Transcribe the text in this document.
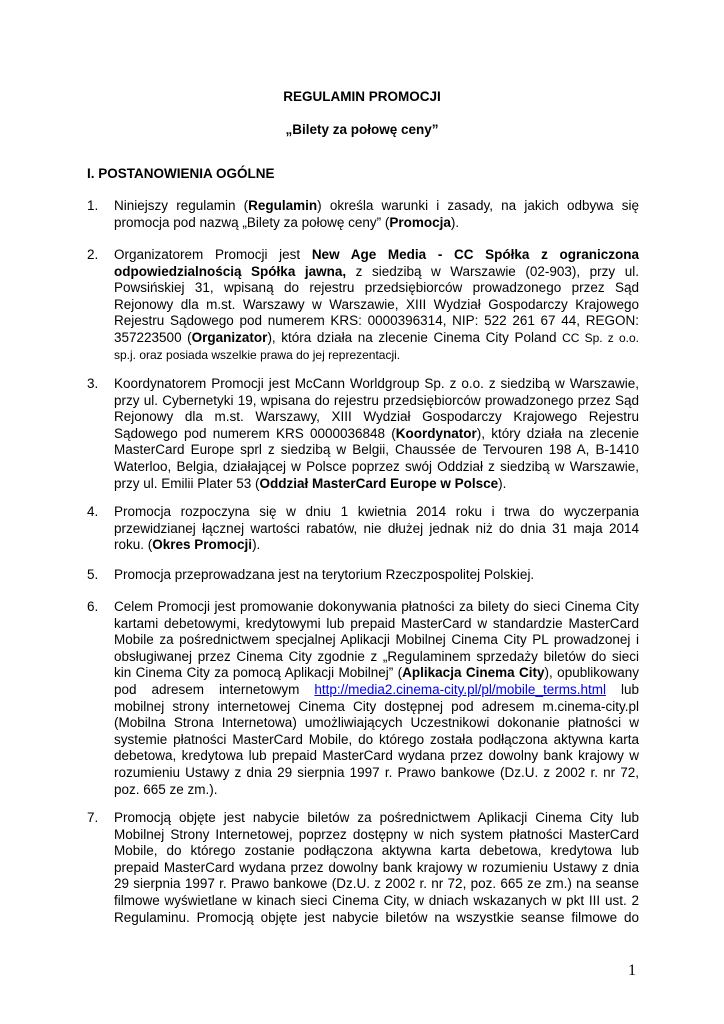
REGULAMIN PROMOCJI
„Bilety za połowę ceny”
I. POSTANOWIENIA OGÓLNE
1. Niniejszy regulamin (Regulamin) określa warunki i zasady, na jakich odbywa się promocja pod nazwą „Bilety za połowę ceny” (Promocja).
2. Organizatorem Promocji jest New Age Media - CC Spółka z ograniczona odpowiedzialnością Spółka jawna, z siedzibą w Warszawie (02-903), przy ul. Powsińskiej 31, wpisaną do rejestru przedsiębiorców prowadzonego przez Sąd Rejonowy dla m.st. Warszawy w Warszawie, XIII Wydział Gospodarczy Krajowego Rejestru Sądowego pod numerem KRS: 0000396314, NIP: 522 261 67 44, REGON: 357223500 (Organizator), która działa na zlecenie Cinema City Poland CC Sp. z o.o. sp.j. oraz posiada wszelkie prawa do jej reprezentacji.
3. Koordynatorem Promocji jest McCann Worldgroup Sp. z o.o. z siedzibą w Warszawie, przy ul. Cybernetyki 19, wpisana do rejestru przedsiębiorców prowadzonego przez Sąd Rejonowy dla m.st. Warszawy, XIII Wydział Gospodarczy Krajowego Rejestru Sądowego pod numerem KRS 0000036848 (Koordynator), który działa na zlecenie MasterCard Europe sprl z siedzibą w Belgii, Chaussée de Tervouren 198 A, B-1410 Waterloo, Belgia, działającej w Polsce poprzez swój Oddział z siedzibą w Warszawie, przy ul. Emilii Plater 53 (Oddział MasterCard Europe w Polsce).
4. Promocja rozpoczyna się w dniu 1 kwietnia 2014 roku i trwa do wyczerpania przewidzianej łącznej wartości rabatów, nie dłużej jednak niż do dnia 31 maja 2014 roku. (Okres Promocji).
5. Promocja przeprowadzana jest na terytorium Rzeczpospolitej Polskiej.
6. Celem Promocji jest promowanie dokonywania płatności za bilety do sieci Cinema City kartami debetowymi, kredytowymi lub prepaid MasterCard w standardzie MasterCard Mobile za pośrednictwem specjalnej Aplikacji Mobilnej Cinema City PL prowadzonej i obsługiwanej przez Cinema City zgodnie z „Regulaminem sprzedaży biletów do sieci kin Cinema City za pomocą Aplikacji Mobilnej” (Aplikacja Cinema City), opublikowany pod adresem internetowym http://media2.cinema-city.pl/pl/mobile_terms.html lub mobilnej strony internetowej Cinema City dostępnej pod adresem m.cinema-city.pl (Mobilna Strona Internetowa) umożliwiających Uczestnikowi dokonanie płatności w systemie płatności MasterCard Mobile, do którego została podłączona aktywna karta debetowa, kredytowa lub prepaid MasterCard wydana przez dowolny bank krajowy w rozumieniu Ustawy z dnia 29 sierpnia 1997 r. Prawo bankowe (Dz.U. z 2002 r. nr 72, poz. 665 ze zm.).
7. Promocją objęte jest nabycie biletów za pośrednictwem Aplikacji Cinema City lub Mobilnej Strony Internetowej, poprzez dostępny w nich system płatności MasterCard Mobile, do którego zostanie podłączona aktywna karta debetowa, kredytowa lub prepaid MasterCard wydana przez dowolny bank krajowy w rozumieniu Ustawy z dnia 29 sierpnia 1997 r. Prawo bankowe (Dz.U. z 2002 r. nr 72, poz. 665 ze zm.) na seanse filmowe wyświetlane w kinach sieci Cinema City, w dniach wskazanych w pkt III ust. 2 Regulaminu. Promocją objęte jest nabycie biletów na wszystkie seanse filmowe do
1
